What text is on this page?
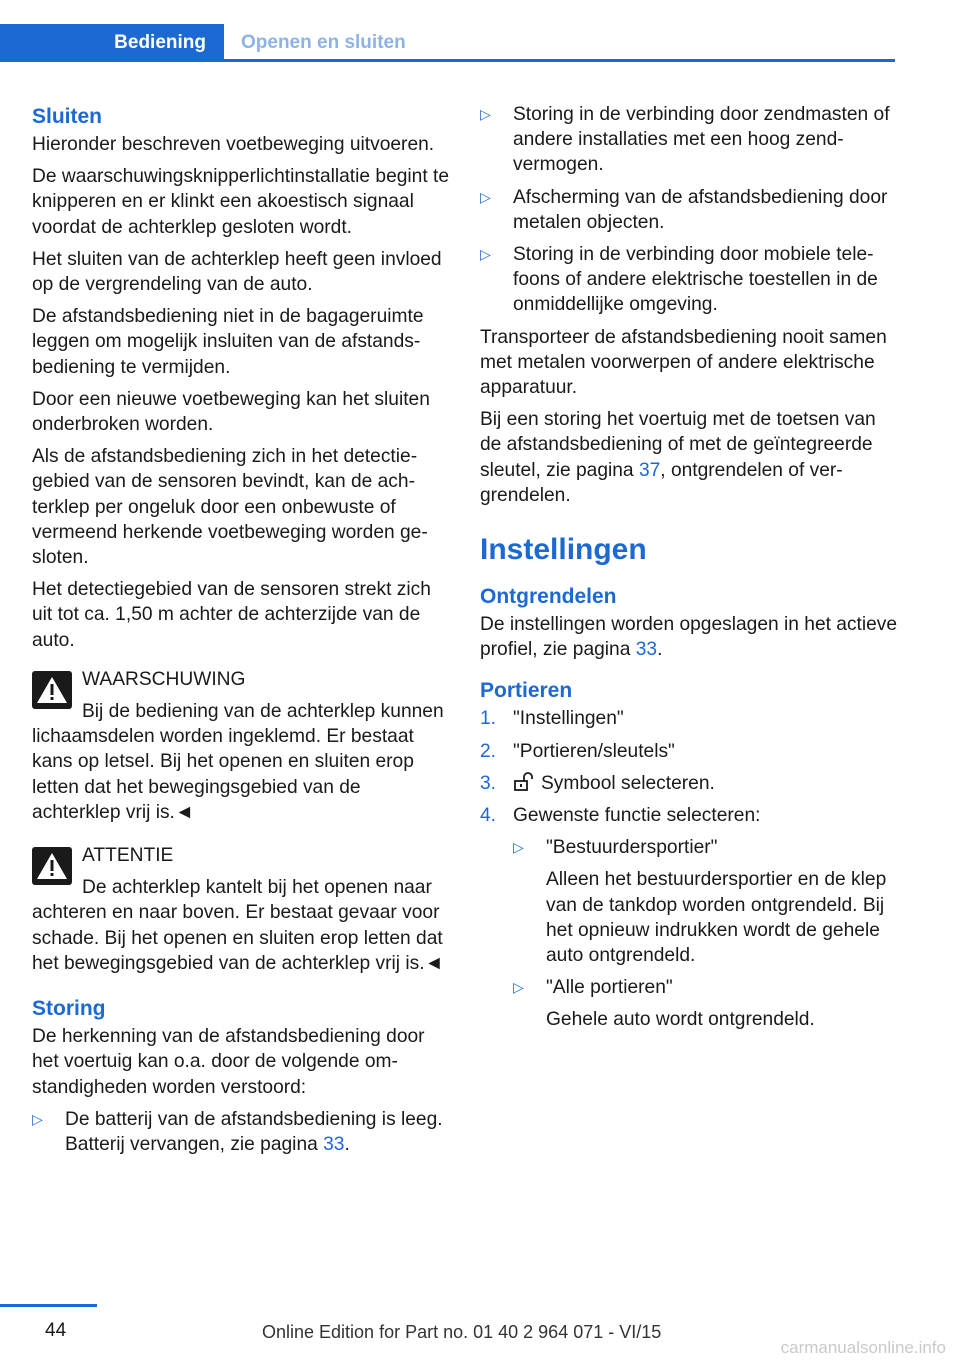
Bediening	Openen en sluiten
Sluiten

Hieronder beschreven voetbeweging uitvoeren.

De waarschuwingsknipperlichtinstallatie begint te knipperen en er klinkt een akoestisch signaal voordat de achterklep gesloten wordt.

Het sluiten van de achterklep heeft geen invloed op de vergrendeling van de auto.

De afstandsbediening niet in de bagageruimte leggen om mogelijk insluiten van de afstandsbediening te vermijden.

Door een nieuwe voetbeweging kan het sluiten onderbroken worden.

Als de afstandsbediening zich in het detectiegebied van de sensoren bevindt, kan de achterklep per ongeluk door een onbewuste of vermeend herkende voetbeweging worden gesloten.

Het detectiegebied van de sensoren strekt zich uit tot ca. 1,50 m achter de achterzijde van de auto.

WAARSCHUWING
Bij de bediening van de achterklep kunnen lichaamsdelen worden ingeklemd. Er bestaat kans op letsel. Bij het openen en sluiten erop letten dat het bewegingsgebied van de achterklep vrij is.◄
ATTENTIE
De achterklep kantelt bij het openen naar achteren en naar boven. Er bestaat gevaar voor schade. Bij het openen en sluiten erop letten dat het bewegingsgebied van de achterklep vrij is.◄
Storing

De herkenning van de afstandsbediening door het voertuig kan o.a. door de volgende omstandigheden worden verstoord:

▷ De batterij van de afstandsbediening is leeg. Batterij vervangen, zie pagina 33.
▷ Storing in de verbinding door zendmasten of andere installaties met een hoog zendvermogen.
▷ Afscherming van de afstandsbediening door metalen objecten.
▷ Storing in de verbinding door mobiele telefoons of andere elektrische toestellen in de onmiddellijke omgeving.

Transporteer de afstandsbediening nooit samen met metalen voorwerpen of andere elektrische apparatuur.

Bij een storing het voertuig met de toetsen van de afstandsbediening of met de geïntegreerde sleutel, zie pagina 37, ontgrendelen of vergrendelen.

Instellingen
Ontgrendelen

De instellingen worden opgeslagen in het actieve profiel, zie pagina 33.

Portieren
1. "Instellingen"
2. "Portieren/sleutels"
3. Symbool selecteren.
4. Gewenste functie selecteren:
▷ "Bestuurdersportier"
Alleen het bestuurdersportier en de klep van de tankdop worden ontgrendeld. Bij het opnieuw indrukken wordt de gehele auto ontgrendeld.
▷ "Alle portieren"
Gehele auto wordt ontgrendeld.
44	Online Edition for Part no. 01 40 2 964 071 - VI/15
carmanualsonline.info
